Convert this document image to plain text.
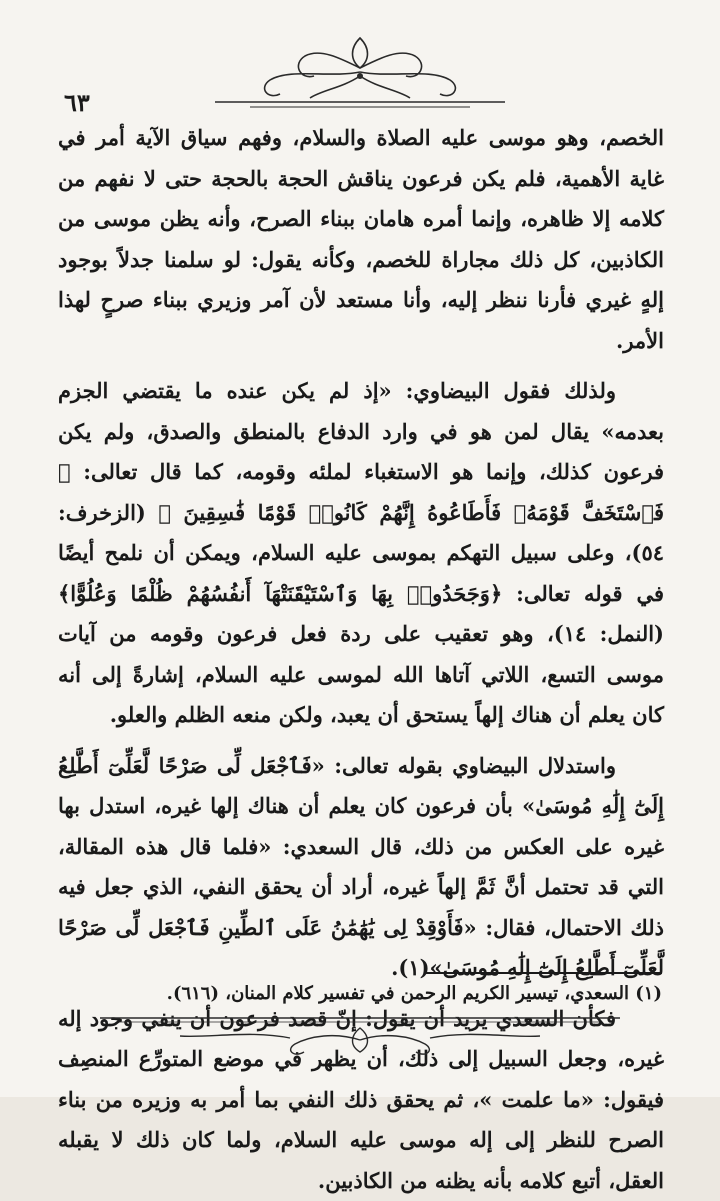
٦٣

الخصم، وهو موسى عليه الصلاة والسلام، وفهم سياق الآية أمر في غاية الأهمية، فلم يكن فرعون يناقش الحجة بالحجة حتى لا نفهم من كلامه إلا ظاهره، وإنما أمره هامان ببناء الصرح، وأنه يظن موسى من الكاذبين، كل ذلك مجاراة للخصم، وكأنه يقول: لو سلمنا جدلاً بوجود إلهٍ غيري فأرنا ننظر إليه، وأنا مستعد لأن آمر وزيري ببناء صرحٍ لهذا الأمر.

ولذلك فقول البيضاوي: «إذ لم يكن عنده ما يقتضي الجزم بعدمه» يقال لمن هو في وارد الدفاع بالمنطق والصدق، ولم يكن فرعون كذلك، وإنما هو الاستغباء لملئه وقومه، كما قال تعالى: ﴿ فَٱسْتَخَفَّ قَوْمَهُۥ فَأَطَاعُوهُ إِنَّهُمْ كَانُوا۟ قَوْمًا فَٰسِقِينَ ﴾ (الزخرف: ٥٤)، وعلى سبيل التهكم بموسى عليه السلام، ويمكن أن نلمح أيضًا في قوله تعالى: ﴿وَجَحَدُوا۟ بِهَا وَٱسْتَيْقَنَتْهَآ أَنفُسُهُمْ ظُلْمًا وَعُلُوًّا﴾ (النمل: ١٤)، وهو تعقيب على ردة فعل فرعون وقومه من آيات موسى التسع، اللاتي آتاها الله لموسى عليه السلام، إشارةً إلى أنه كان يعلم أن هناك إلهاً يستحق أن يعبد، ولكن منعه الظلم والعلو.

واستدلال البيضاوي بقوله تعالى: «فَٱجْعَل لِّى صَرْحًا لَّعَلِّىٓ أَطَّلِعُ إِلَىٰٓ إِلَٰهِ مُوسَىٰ» بأن فرعون كان يعلم أن هناك إلها غيره، استدل بها غيره على العكس من ذلك، قال السعدي: «فلما قال هذه المقالة، التي قد تحتمل أنَّ ثَمَّ إلهاً غيره، أراد أن يحقق النفي، الذي جعل فيه ذلك الاحتمال، فقال: «فَأَوْقِدْ لِى يَٰهَٰمَٰنُ عَلَى ٱلطِّينِ فَٱجْعَل لِّى صَرْحًا لَّعَلِّىٓ أَطَّلِعُ إِلَىٰٓ إِلَٰهِ مُوسَىٰ»(١).

فكأن السعدي يريد أن يقول: إنّ قصد فرعون أن ينفي وجود إله غيره، وجعل السبيل إلى ذلك، أن يظهر في موضع المتورِّع المنصِف فيقول: «ما علمت »، ثم يحقق ذلك النفي بما أمر به وزيره من بناء الصرح للنظر إلى إله موسى عليه السلام، ولما كان ذلك لا يقبله العقل، أتبع كلامه بأنه يظنه من الكاذبين.

(١) السعدي، تيسير الكريم الرحمن في تفسير كلام المنان، (٦١٦).
